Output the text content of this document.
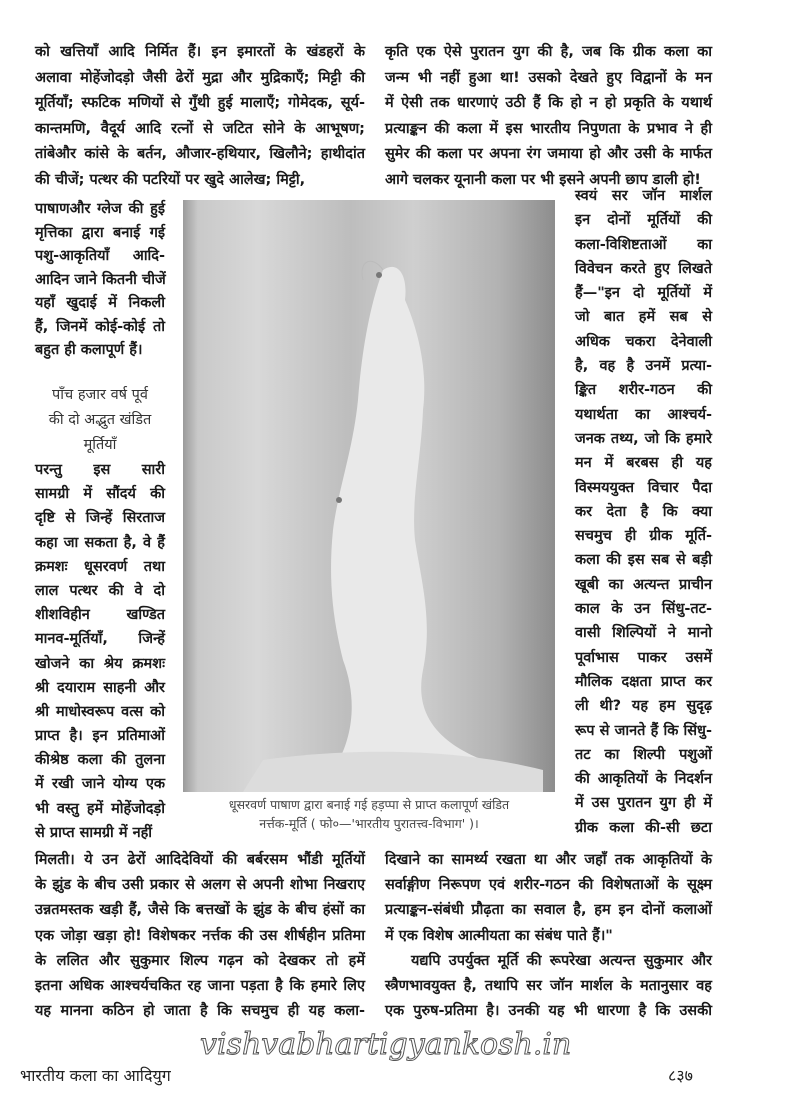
को खत्तियाँ आदि निर्मित हैं। इन इमारतों के खंडहरों के
अलावा मोहेंजोदड़ो जैसी ढेरों मुद्रा और मुद्रिकाएँ; मिट्टी की
मूर्तियाँ; स्फटिक मणियों से गुँथी हुई मालाएँ; गोमेदक, सूर्य-
कान्तमणि, वैदूर्य आदि रत्नों से जटित सोने के आभूषण;
तांबेऔर कांसे के बर्तन, औजार-हथियार, खिलौने; हाथीदांत
की चीजें; पत्थर की पटरियों पर खुदे आलेख; मिट्टी,
पाषाणऔर ग्लेज की हुई
मृत्तिका द्वारा बनाई गई
पशु-आकृतियाँ आदि-
आदिन जाने कितनी चीजें
यहाँ खुदाई में निकली
हैं, जिनमें कोई-कोई तो
बहुत ही कलापूर्ण हैं।
पाँच हजार वर्ष पूर्व
की दो अद्भुत खंडित
मूर्तियाँ
परन्तु इस सारी
सामग्री में सौंदर्य की
दृष्टि से जिन्हें सिरताज
कहा जा सकता है, वे हैं
क्रमशः धूसरवर्ण तथा
लाल पत्थर की वे दो
शीशविहीन खण्डित
मानव-मूर्तियाँ, जिन्हें
खोजने का श्रेय क्रमशः
श्री दयाराम साहनी और
श्री माधोस्वरूप वत्स को
प्राप्त है। इन प्रतिमाओं
कीश्रेष्ठ कला की तुलना
में रखी जाने योग्य एक
भी वस्तु हमें मोहेंजोदड़ो
से प्राप्त सामग्री में नहीं
मिलती। ये उन ढेरों आदिदेवियों की बर्बरसम भौंडी मूर्तियों
के झुंड के बीच उसी प्रकार से अलग से अपनी शोभा निखराए
उन्नतमस्तक खड़ी हैं, जैसे कि बत्तखों के झुंड के बीच हंसों का
एक जोड़ा खड़ा हो! विशेषकर नर्त्तक की उस शीर्षहीन प्रतिमा
के ललित और सुकुमार शिल्प गढ़न को देखकर तो हमें
इतना अधिक आश्चर्यचकित रह जाना पड़ता है कि हमारे लिए
यह मानना कठिन हो जाता है कि सचमुच ही यह कला-
कृति एक ऐसे पुरातन युग की है, जब कि ग्रीक कला का
जन्म भी नहीं हुआ था! उसको देखते हुए विद्वानों के मन
में ऐसी तक धारणाएं उठी हैं कि हो न हो प्रकृति के यथार्थ
प्रत्याङ्कन की कला में इस भारतीय निपुणता के प्रभाव ने ही
सुमेर की कला पर अपना रंग जमाया हो और उसी के मार्फत
आगे चलकर यूनानी कला पर भी इसने अपनी छाप डाली हो!
स्वयं सर जॉन मार्शल
इन दोनों मूर्तियों की
कला-विशिष्टताओं का
विवेचन करते हुए लिखते
हैं—"इन दो मूर्तियों में
जो बात हमें सब से
अधिक चकरा देनेवाली
है, वह है उनमें प्रत्या-
ङ्कित शरीर-गठन की
यथार्थता का आश्चर्य-
जनक तथ्य, जो कि हमारे
मन में बरबस ही यह
विस्मययुक्त विचार पैदा
कर देता है कि क्या
सचमुच ही ग्रीक मूर्ति-
कला की इस सब से बड़ी
खूबी का अत्यन्त प्राचीन
काल के उन सिंधु-तट-
वासी शिल्पियों ने मानो
पूर्वाभास पाकर उसमें
मौलिक दक्षता प्राप्त कर
ली थी? यह हम सुदृढ़
रूप से जानते हैं कि सिंधु-
तट का शिल्पी पशुओं
की आकृतियों के निदर्शन
में उस पुरातन युग ही में
ग्रीक कला की-सी छटा
दिखाने का सामर्थ्य रखता था और जहाँ तक आकृतियों के
सर्वाङ्गीण निरूपण एवं शरीर-गठन की विशेषताओं के सूक्ष्म
प्रत्याङ्कन-संबंधी प्रौढ़ता का सवाल है, हम इन दोनों कलाओं
में एक विशेष आत्मीयता का संबंध पाते हैं।"
यद्यपि उपर्युक्त मूर्ति की रूपरेखा अत्यन्त सुकुमार और
स्त्रैणभावयुक्त है, तथापि सर जॉन मार्शल के मतानुसार वह
एक पुरुष-प्रतिमा है। उनकी यह भी धारणा है कि उसकी
धूसरवर्ण पाषाण द्वारा बनाई गई हड़प्पा से प्राप्त कलापूर्ण खंडित
नर्त्तक-मूर्ति ( फो०—'भारतीय पुरातत्त्व-विभाग' )।
vishvabhartigyankosh.in
भारतीय कला का आदियुग	८३७
